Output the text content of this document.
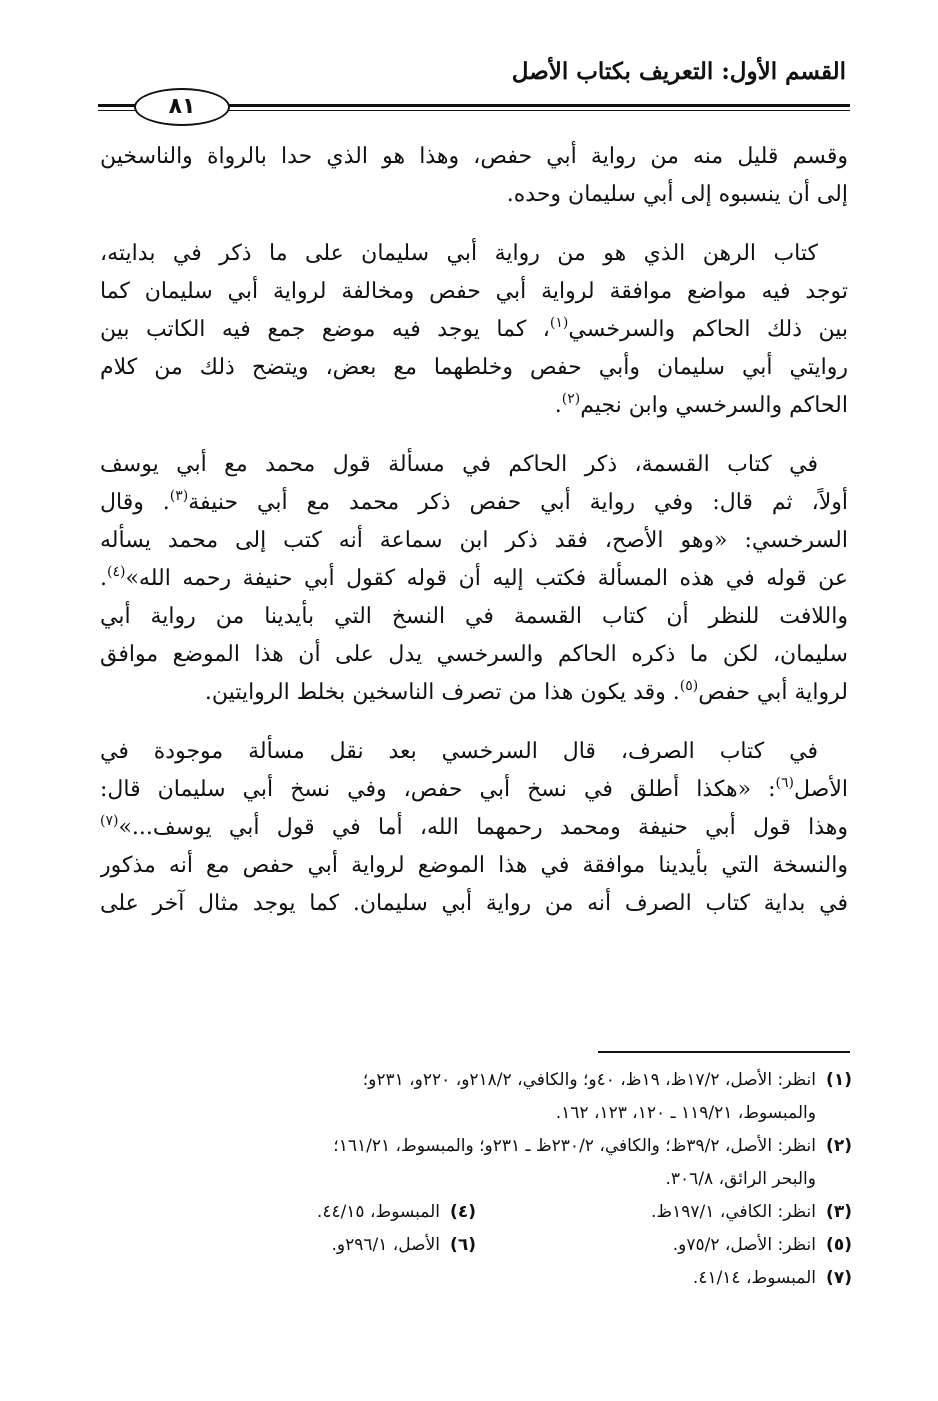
القسم الأول: التعريف بكتاب الأصل
٨١

وقسم قليل منه من رواية أبي حفص، وهذا هو الذي حدا بالرواة والناسخين
إلى أن ينسبوه إلى أبي سليمان وحده.

كتاب الرهن الذي هو من رواية أبي سليمان على ما ذكر في بدايته،
توجد فيه مواضع موافقة لرواية أبي حفص ومخالفة لرواية أبي سليمان كما
بين ذلك الحاكم والسرخسي$^{(١)}$، كما يوجد فيه موضع جمع فيه الكاتب بين
روايتي أبي سليمان وأبي حفص وخلطهما مع بعض، ويتضح ذلك من كلام
الحاكم والسرخسي وابن نجيم$^{(٢)}$.

في كتاب القسمة، ذكر الحاكم في مسألة قول محمد مع أبي يوسف
أولاً، ثم قال: وفي رواية أبي حفص ذكر محمد مع أبي حنيفة$^{(٣)}$. وقال
السرخسي: «وهو الأصح، فقد ذكر ابن سماعة أنه كتب إلى محمد يسأله
عن قوله في هذه المسألة فكتب إليه أن قوله كقول أبي حنيفة رحمه الله»$^{(٤)}$.
واللافت للنظر أن كتاب القسمة في النسخ التي بأيدينا من رواية أبي
سليمان، لكن ما ذكره الحاكم والسرخسي يدل على أن هذا الموضع موافق
لرواية أبي حفص$^{(٥)}$. وقد يكون هذا من تصرف الناسخين بخلط الروايتين.

في كتاب الصرف، قال السرخسي بعد نقل مسألة موجودة في
الأصل$^{(٦)}$: «هكذا أطلق في نسخ أبي حفص، وفي نسخ أبي سليمان قال:
وهذا قول أبي حنيفة ومحمد رحمهما الله، أما في قول أبي يوسف...»$^{(٧)}$
والنسخة التي بأيدينا موافقة في هذا الموضع لرواية أبي حفص مع أنه مذكور
في بداية كتاب الصرف أنه من رواية أبي سليمان. كما يوجد مثال آخر على

(١)
انظر: الأصل، ١٧/٢ظ، ١٩ظ، ٤٠و؛ والكافي، ٢١٨/٢و، ٢٢٠و، ٢٣١و؛
والمبسوط، ١١٩/٢١ ـ ١٢٠، ١٢٣، ١٦٢.
(٢)
انظر: الأصل، ٣٩/٢ظ؛ والكافي، ٢٣٠/٢ظ ـ ٢٣١و؛ والمبسوط، ١٦١/٢١؛
والبحر الرائق، ٣٠٦/٨.
(٣)
انظر: الكافي، ١٩٧/١ظ.
(٤)
المبسوط، ٤٤/١٥.
(٥)
انظر: الأصل، ٧٥/٢و.
(٦)
الأصل، ٢٩٦/١و.
(٧)
المبسوط، ٤١/١٤.
